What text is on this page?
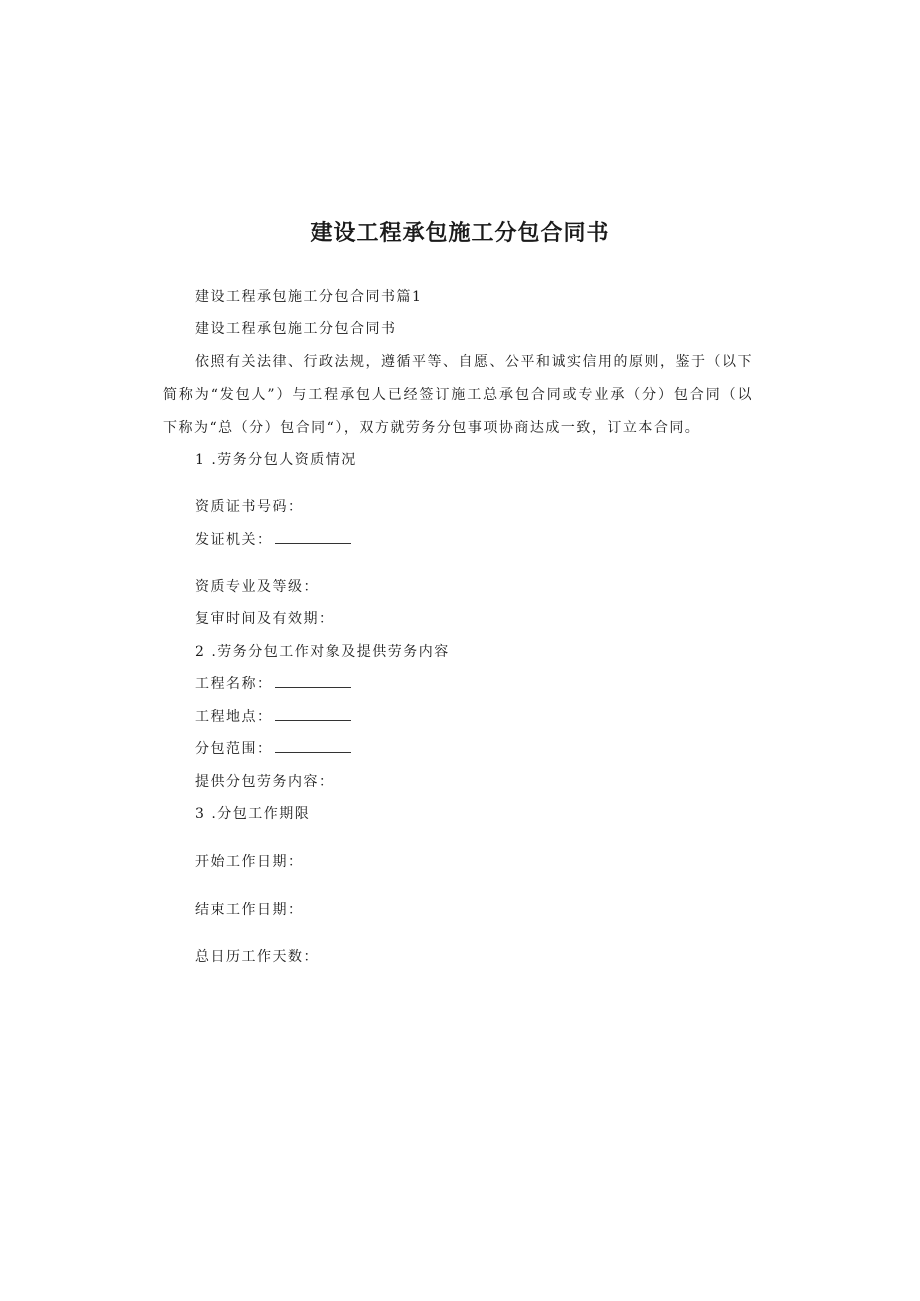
建设工程承包施工分包合同书

建设工程承包施工分包合同书篇1

建设工程承包施工分包合同书

依照有关法律、行政法规，遵循平等、自愿、公平和诚实信用的原则，鉴于（以下简称为“发包人”）与工程承包人已经签订施工总承包合同或专业承（分）包合同（以下称为“总（分）包合同“），双方就劳务分包事项协商达成一致，订立本合同。

1 .劳务分包人资质情况

资质证书号码：

发证机关：

资质专业及等级：

复审时间及有效期：

2 .劳务分包工作对象及提供劳务内容

工程名称：
工程地点：
分包范围：

提供分包劳务内容：

3 .分包工作期限

开始工作日期：

结束工作日期：

总日历工作天数：
